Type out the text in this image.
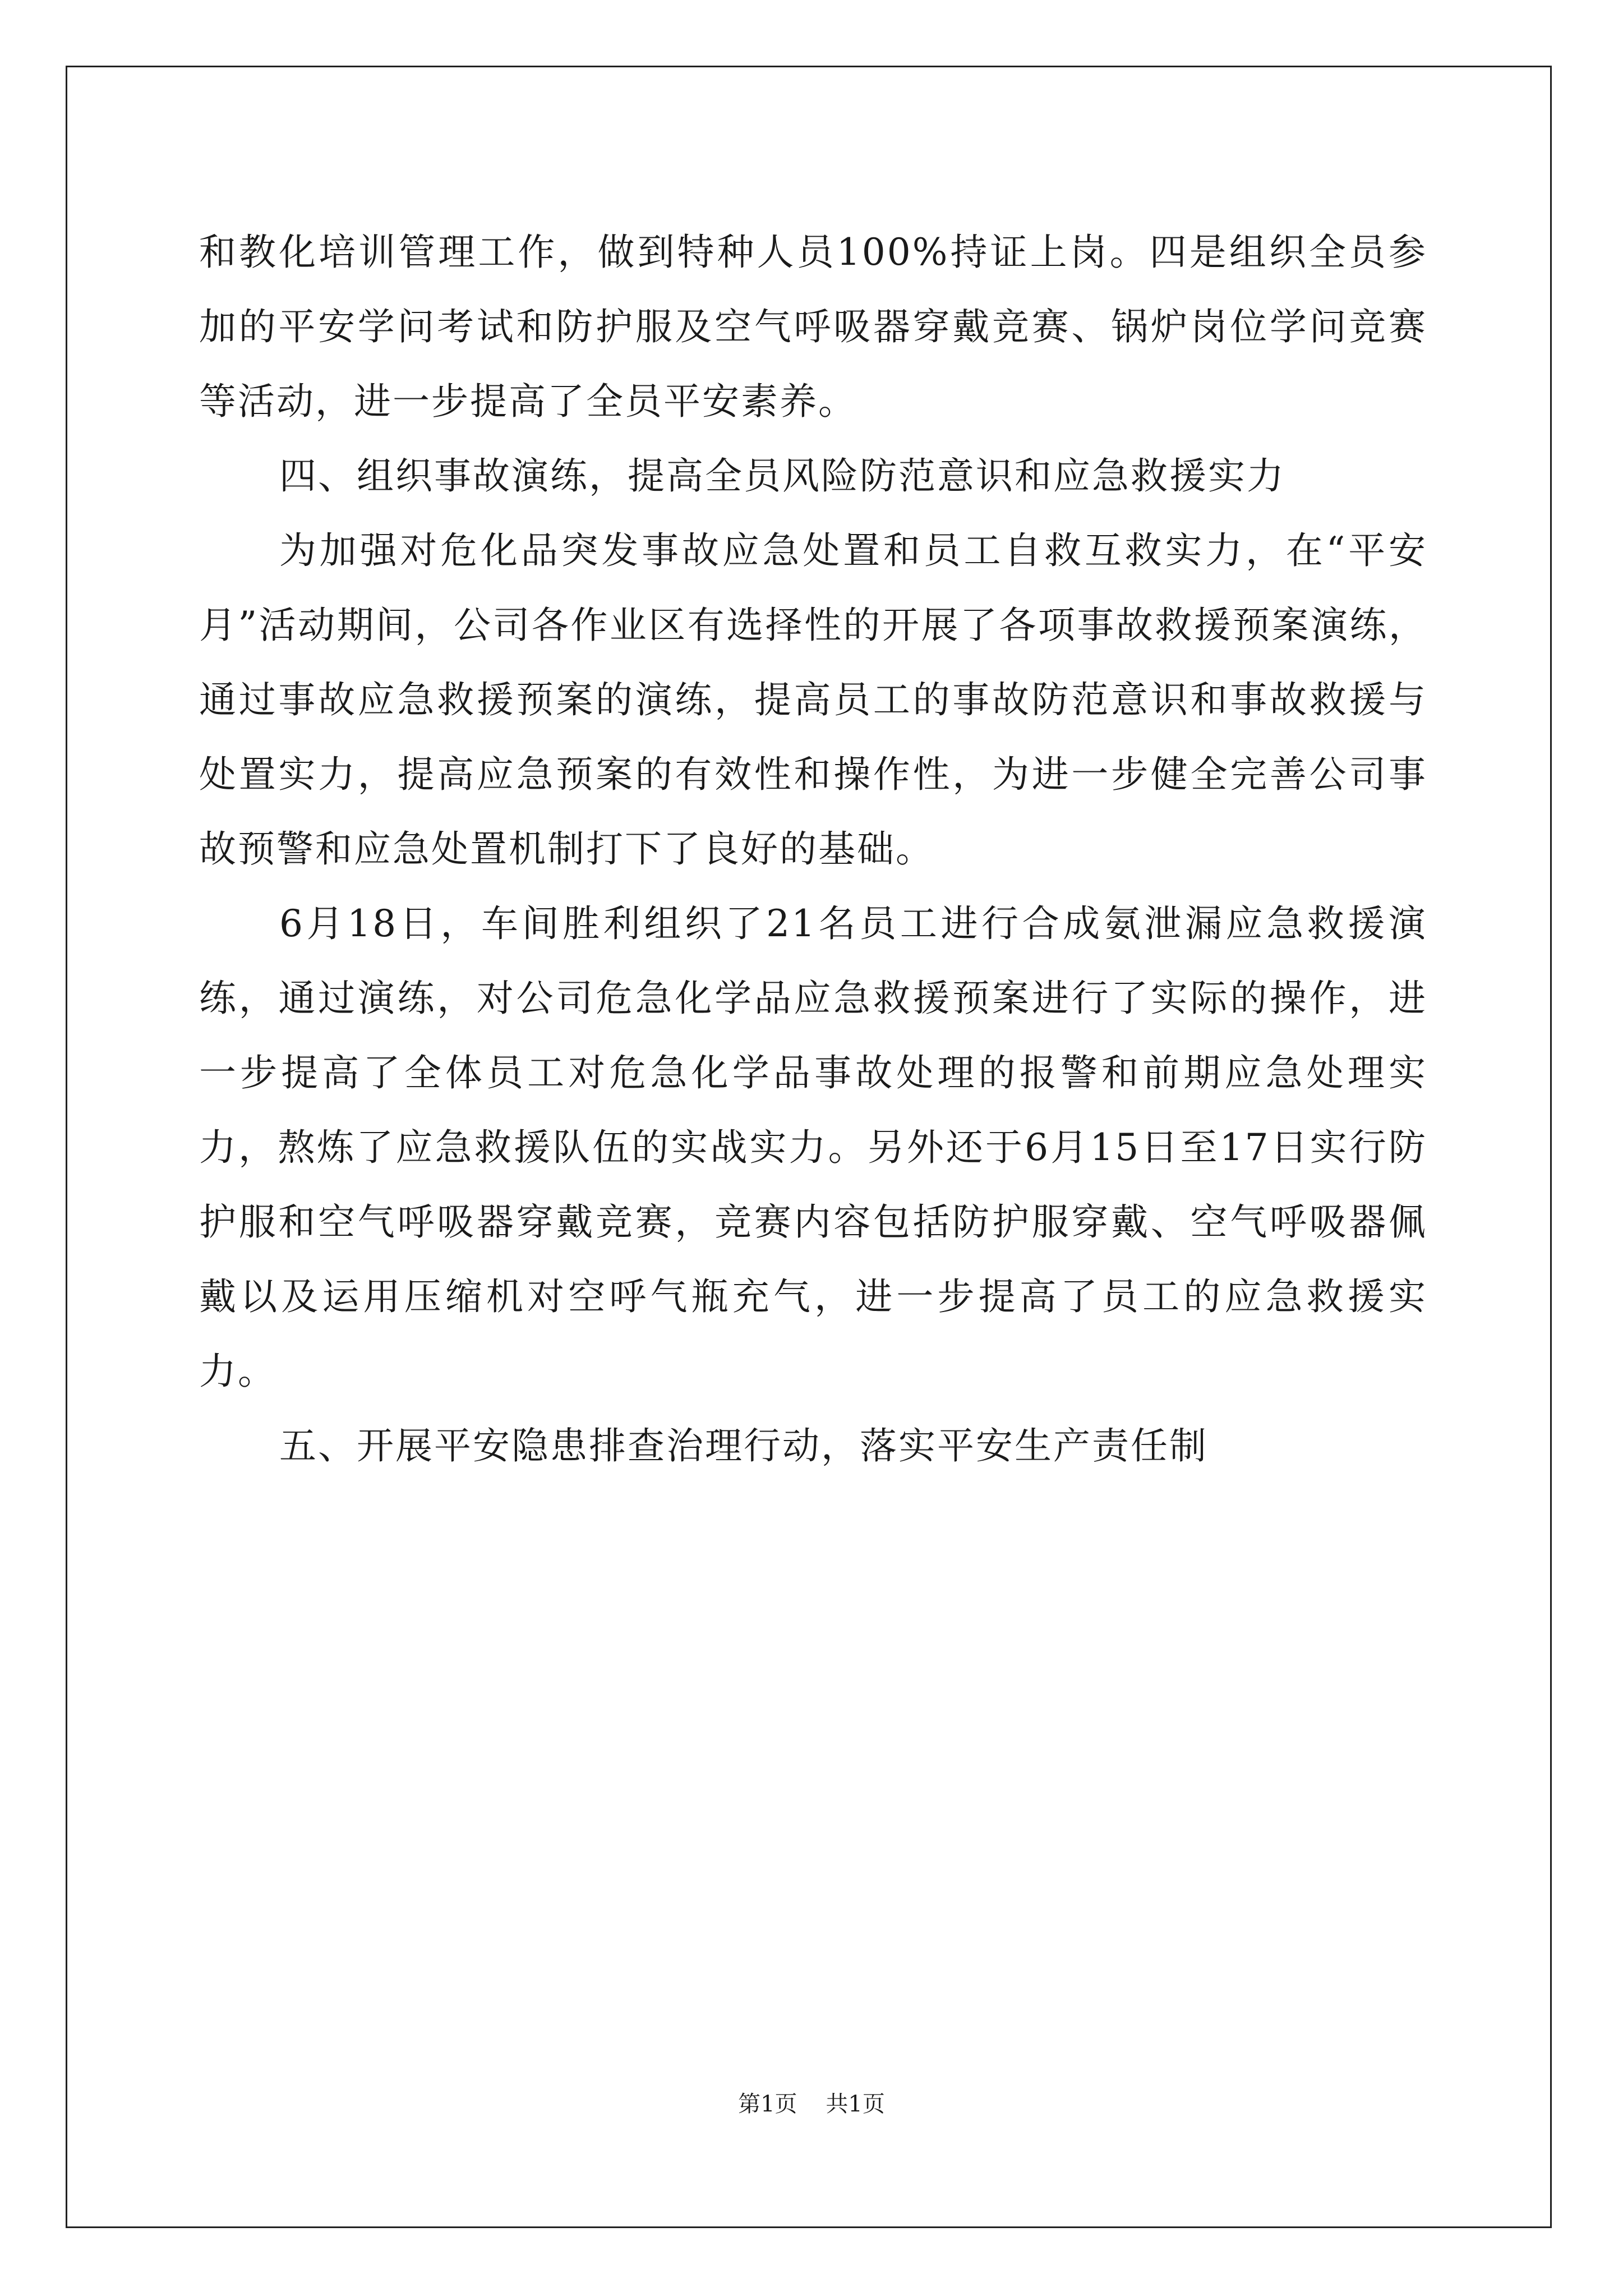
和教化培训管理工作，做到特种人员100%持证上岗。四是组织全员参加的平安学问考试和防护服及空气呼吸器穿戴竞赛、锅炉岗位学问竞赛等活动，进一步提高了全员平安素养。

四、组织事故演练，提高全员风险防范意识和应急救援实力

为加强对危化品突发事故应急处置和员工自救互救实力，在“平安月”活动期间，公司各作业区有选择性的开展了各项事故救援预案演练，通过事故应急救援预案的演练，提高员工的事故防范意识和事故救援与处置实力，提高应急预案的有效性和操作性，为进一步健全完善公司事故预警和应急处置机制打下了良好的基础。

6月18日，车间胜利组织了21名员工进行合成氨泄漏应急救援演练，通过演练，对公司危急化学品应急救援预案进行了实际的操作，进一步提高了全体员工对危急化学品事故处理的报警和前期应急处理实力，熬炼了应急救援队伍的实战实力。另外还于6月15日至17日实行防护服和空气呼吸器穿戴竞赛，竞赛内容包括防护服穿戴、空气呼吸器佩戴以及运用压缩机对空呼气瓶充气，进一步提高了员工的应急救援实力。

五、开展平安隐患排查治理行动，落实平安生产责任制

第1页 共1页
